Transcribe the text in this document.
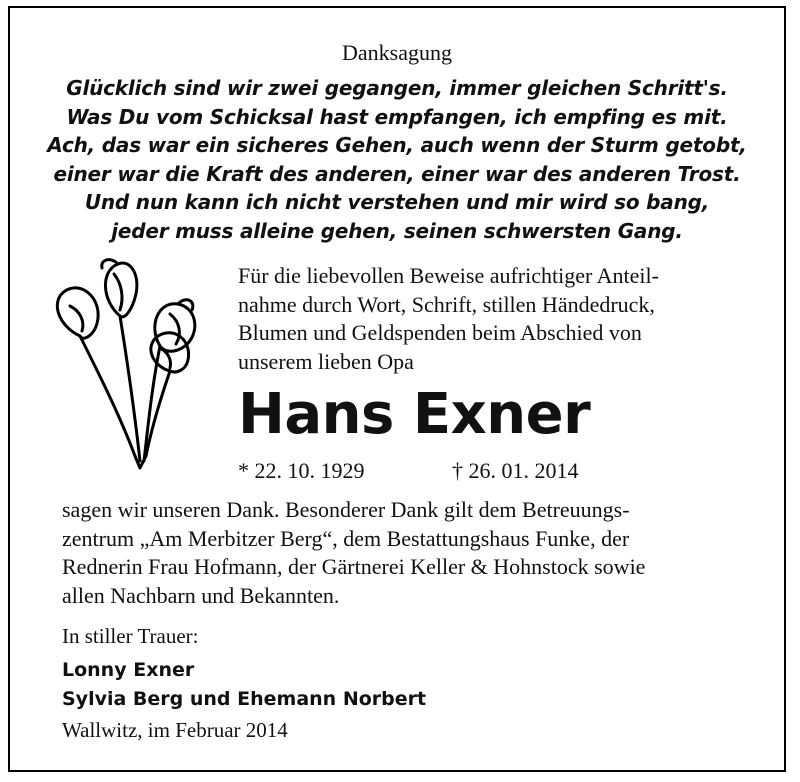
Danksagung
Glücklich sind wir zwei gegangen, immer gleichen Schritt's.
Was Du vom Schicksal hast empfangen, ich empfing es mit.
Ach, das war ein sicheres Gehen, auch wenn der Sturm getobt,
einer war die Kraft des anderen, einer war des anderen Trost.
Und nun kann ich nicht verstehen und mir wird so bang,
jeder muss alleine gehen, seinen schwersten Gang.
Für die liebevollen Beweise aufrichtiger Anteil-
nahme durch Wort, Schrift, stillen Händedruck,
Blumen und Geldspenden beim Abschied von
unserem lieben Opa
Hans Exner
* 22. 10. 1929	† 26. 01. 2014
sagen wir unseren Dank. Besonderer Dank gilt dem Betreuungs-
zentrum „Am Merbitzer Berg“, dem Bestattungshaus Funke, der
Rednerin Frau Hofmann, der Gärtnerei Keller & Hohnstock sowie
allen Nachbarn und Bekannten.
In stiller Trauer:
Lonny Exner
Sylvia Berg und Ehemann Norbert
Wallwitz, im Februar 2014
